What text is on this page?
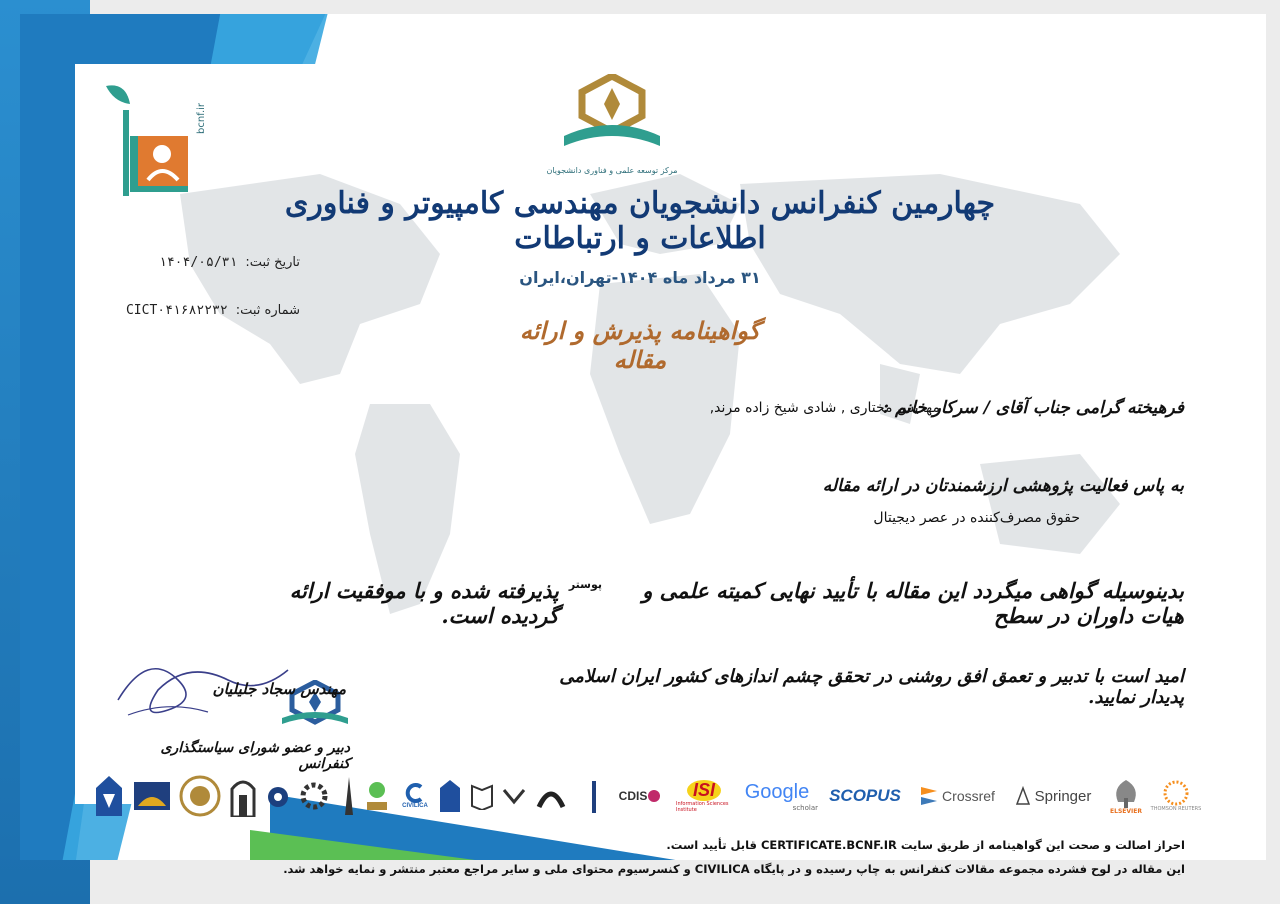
مرکز توسعه علمی و فناوری دانشجویان
bcnf.ir
چهارمین کنفرانس دانشجویان مهندسی کامپیوتر و فناوری اطلاعات و ارتباطات
۳۱ مرداد ماه ۱۴۰۴-تهران،ایران
گواهینامه پذیرش و ارائه مقاله
تاریخ ثبت:
۱۴۰۴/۰۵/۳۱
شماره ثبت:
CICT۰۴۱۶۸۲۲۳۲
فرهیخته گرامی جناب آقای / سرکار خانم :
مهدیس مختاری , شادی شیخ زاده مرند,
به پاس فعالیت پژوهشی ارزشمندتان در ارائه مقاله
حقوق مصرف‌کننده در عصر دیجیتال
بدینوسیله گواهی میگردد این مقاله با تأیید نهایی کمیته علمی و هیات داوران در سطح
پوستر
پذیرفته شده و با موفقیت ارائه گردیده است.
امید است با تدبیر و تعمق افق روشنی در تحقق چشم اندازهای کشور ایران اسلامی پدیدار نمایید.
مهندس سجاد جلیلیان
دبیر و عضو شورای سیاستگذاری کنفرانس
CIVILICA
CDIS	ISI
Information Sciences Institute
Google
scholar
SCOPUS	Crossref	Springer
ELSEVIER THOMSON REUTERS
احراز اصالت و صحت این گواهینامه از طریق سایت CERTIFICATE.BCNF.IR قابل تأیید است.
این مقاله در لوح فشرده مجموعه مقالات کنفرانس به چاپ رسیده و در پایگاه CIVILICA و کنسرسیوم محتوای ملی و سایر مراجع معتبر منتشر و نمایه خواهد شد.
